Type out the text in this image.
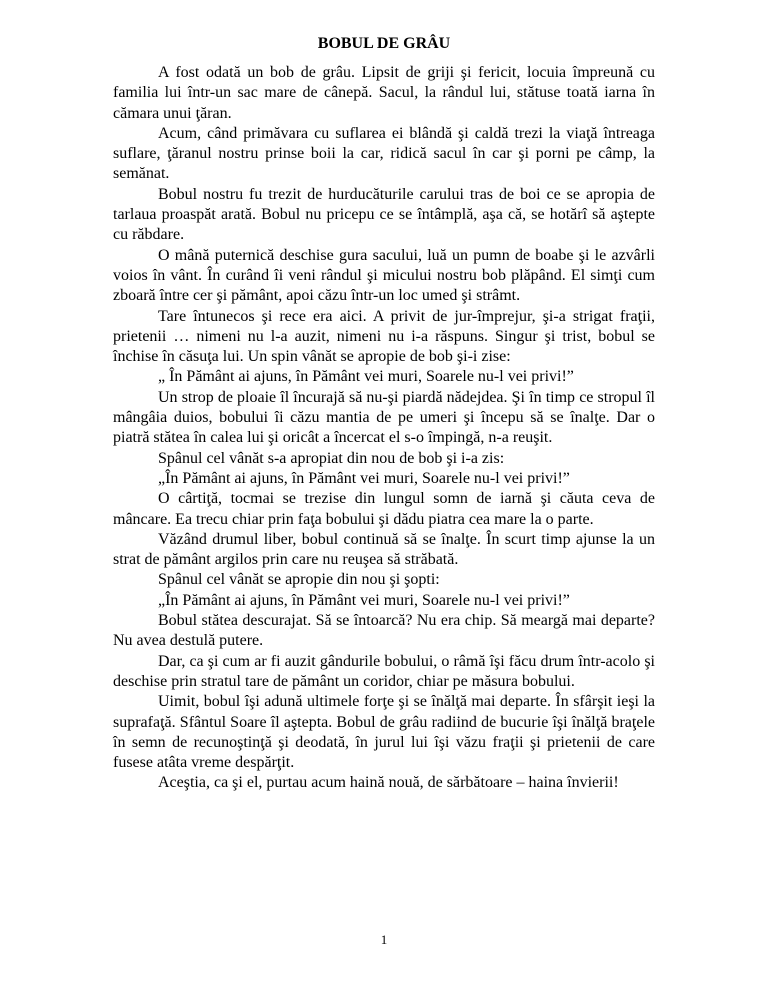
BOBUL DE GRÂU

A fost odată un bob de grâu. Lipsit de griji şi fericit, locuia împreună cu familia lui într-un sac mare de cânepă. Sacul, la rândul lui, stătuse toată iarna în cămara unui ţăran.

Acum, când primăvara cu suflarea ei blândă şi caldă trezi la viaţă întreaga suflare, ţăranul nostru prinse boii la car, ridică sacul în car şi porni pe câmp, la semănat.

Bobul nostru fu trezit de hurducăturile carului tras de boi ce se apropia de tarlaua proaspăt arată. Bobul nu pricepu ce se întâmplă, aşa că, se hotărî să aştepte cu răbdare.

O mână puternică deschise gura sacului, luă un pumn de boabe şi le azvârli voios în vânt. În curând îi veni rândul şi micului nostru bob plăpând. El simţi cum zboară între cer şi pământ, apoi căzu într-un loc umed şi strâmt.

Tare întunecos şi rece era aici. A privit de jur-împrejur, şi-a strigat fraţii, prietenii … nimeni nu l-a auzit, nimeni nu i-a răspuns. Singur şi trist, bobul se închise în căsuţa lui. Un spin vânăt se apropie de bob şi-i zise:

„ În Pământ ai ajuns, în Pământ vei muri, Soarele nu-l vei privi!”

Un strop de ploaie îl încurajă să nu-şi piardă nădejdea. Şi în timp ce stropul îl mângâia duios, bobului îi căzu mantia de pe umeri şi începu să se înalţe. Dar o piatră stătea în calea lui şi oricât a încercat el s-o împingă, n-a reuşit.

Spânul cel vânăt s-a apropiat din nou de bob şi i-a zis:

„În Pământ ai ajuns, în Pământ vei muri, Soarele nu-l vei privi!”

O cârtiţă, tocmai se trezise din lungul somn de iarnă şi căuta ceva de mâncare. Ea trecu chiar prin faţa bobului şi dădu piatra cea mare la o parte.

Văzând drumul liber, bobul continuă să se înalţe. În scurt timp ajunse la un strat de pământ argilos prin care nu reuşea să străbată.

Spânul cel vânăt se apropie din nou şi şopti:

„În Pământ ai ajuns, în Pământ vei muri, Soarele nu-l vei privi!”

Bobul stătea descurajat. Să se întoarcă? Nu era chip. Să meargă mai departe? Nu avea destulă putere.

Dar, ca şi cum ar fi auzit gândurile bobului, o râmă îşi făcu drum într-acolo şi deschise prin stratul tare de pământ un coridor, chiar pe măsura bobului.

Uimit, bobul îşi adună ultimele forţe şi se înălţă mai departe. În sfârşit ieşi la suprafaţă. Sfântul Soare îl aştepta. Bobul de grâu radiind de bucurie îşi înălţă braţele în semn de recunoştinţă şi deodată, în jurul lui îşi văzu fraţii şi prietenii de care fusese atâta vreme despărţit.

Aceştia, ca şi el, purtau acum haină nouă, de sărbătoare – haina învierii!

1
